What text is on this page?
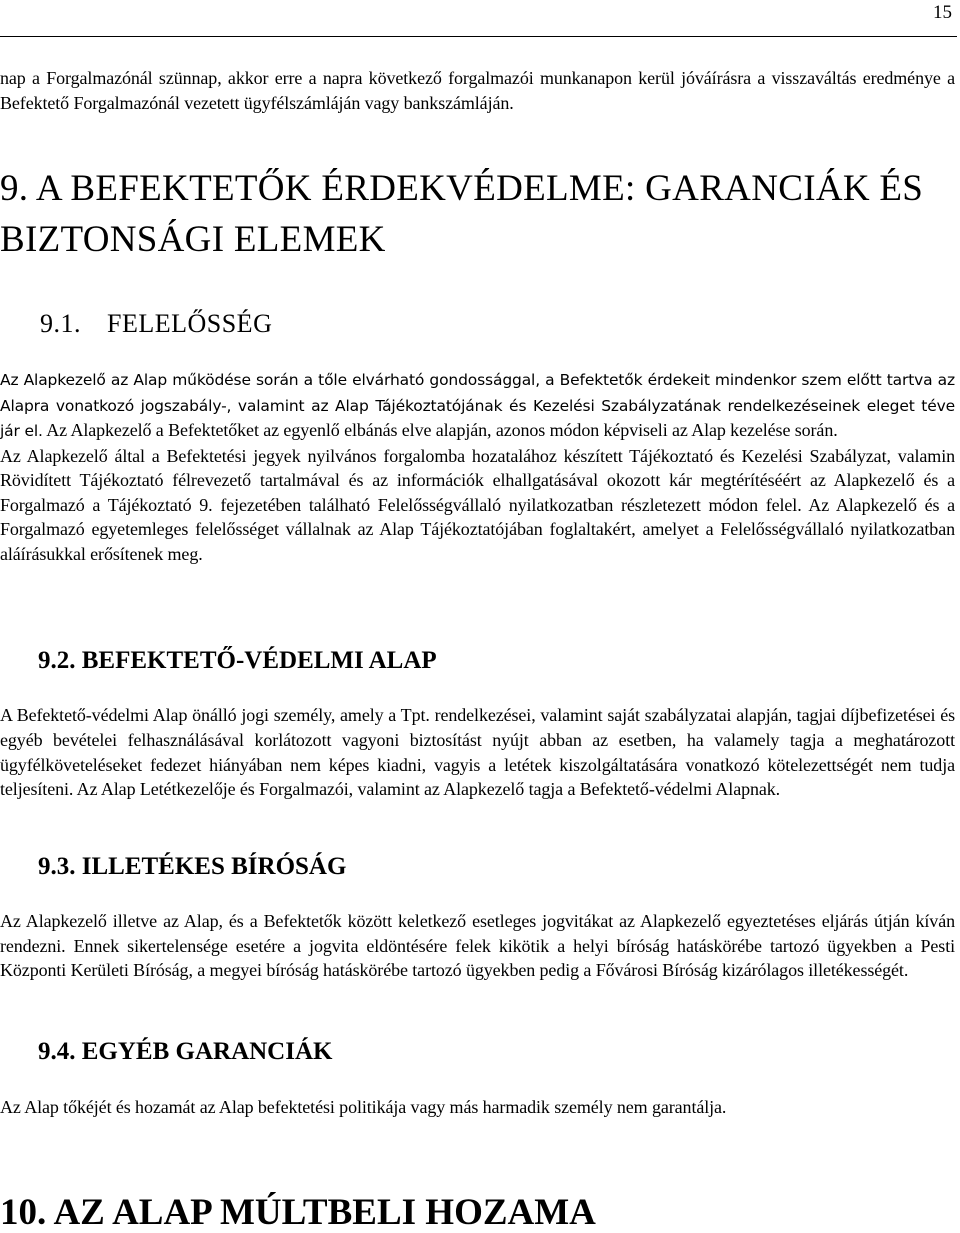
15

nap a Forgalmazónál szünnap, akkor erre a napra következő forgalmazói munkanapon kerül jóváírásra a visszaváltás eredménye a Befektető Forgalmazónál vezetett ügyfélszámláján vagy bankszámláján.

9. A BEFEKTETŐK ÉRDEKVÉDELME: GARANCIÁK ÉS
BIZTONSÁGI ELEMEK
9.1. FELELŐSSÉG

Az Alapkezelő az Alap működése során a tőle elvárható gondossággal, a Befektetők érdekeit mindenkor szem előtt tartva az Alapra vonatkozó jogszabály-, valamint az Alap Tájékoztatójának és Kezelési Szabályzatának rendelkezéseinek eleget téve jár el. Az Alapkezelő a Befektetőket az egyenlő elbánás elve alapján, azonos módon képviseli az Alap kezelése során.

Az Alapkezelő által a Befektetési jegyek nyilvános forgalomba hozatalához készített Tájékoztató és Kezelési Szabályzat, valamin Rövidített Tájékoztató félrevezető tartalmával és az információk elhallgatásával okozott kár megtérítéséért az Alapkezelő és a Forgalmazó a Tájékoztató 9. fejezetében található Felelősségvállaló nyilatkozatban részletezett módon felel. Az Alapkezelő és a Forgalmazó egyetemleges felelősséget vállalnak az Alap Tájékoztatójában foglaltakért, amelyet a Felelősségvállaló nyilatkozatban aláírásukkal erősítenek meg.

9.2. BEFEKTETŐ-VÉDELMI ALAP

A Befektető-védelmi Alap önálló jogi személy, amely a Tpt. rendelkezései, valamint saját szabályzatai alapján, tagjai díjbefizetései és egyéb bevételei felhasználásával korlátozott vagyoni biztosítást nyújt abban az esetben, ha valamely tagja a meghatározott ügyfélköveteléseket fedezet hiányában nem képes kiadni, vagyis a letétek kiszolgáltatására vonatkozó kötelezettségét nem tudja teljesíteni. Az Alap Letétkezelője és Forgalmazói, valamint az Alapkezelő tagja a Befektető-védelmi Alapnak.

9.3. ILLETÉKES BÍRÓSÁG

Az Alapkezelő illetve az Alap, és a Befektetők között keletkező esetleges jogvitákat az Alapkezelő egyeztetéses eljárás útján kíván rendezni. Ennek sikertelensége esetére a jogvita eldöntésére felek kikötik a helyi bíróság hatáskörébe tartozó ügyekben a Pesti Központi Kerületi Bíróság, a megyei bíróság hatáskörébe tartozó ügyekben pedig a Fővárosi Bíróság kizárólagos illetékességét.

9.4. EGYÉB GARANCIÁK

Az Alap tőkéjét és hozamát az Alap befektetési politikája vagy más harmadik személy nem garantálja.

10. AZ ALAP MÚLTBELI HOZAMA
